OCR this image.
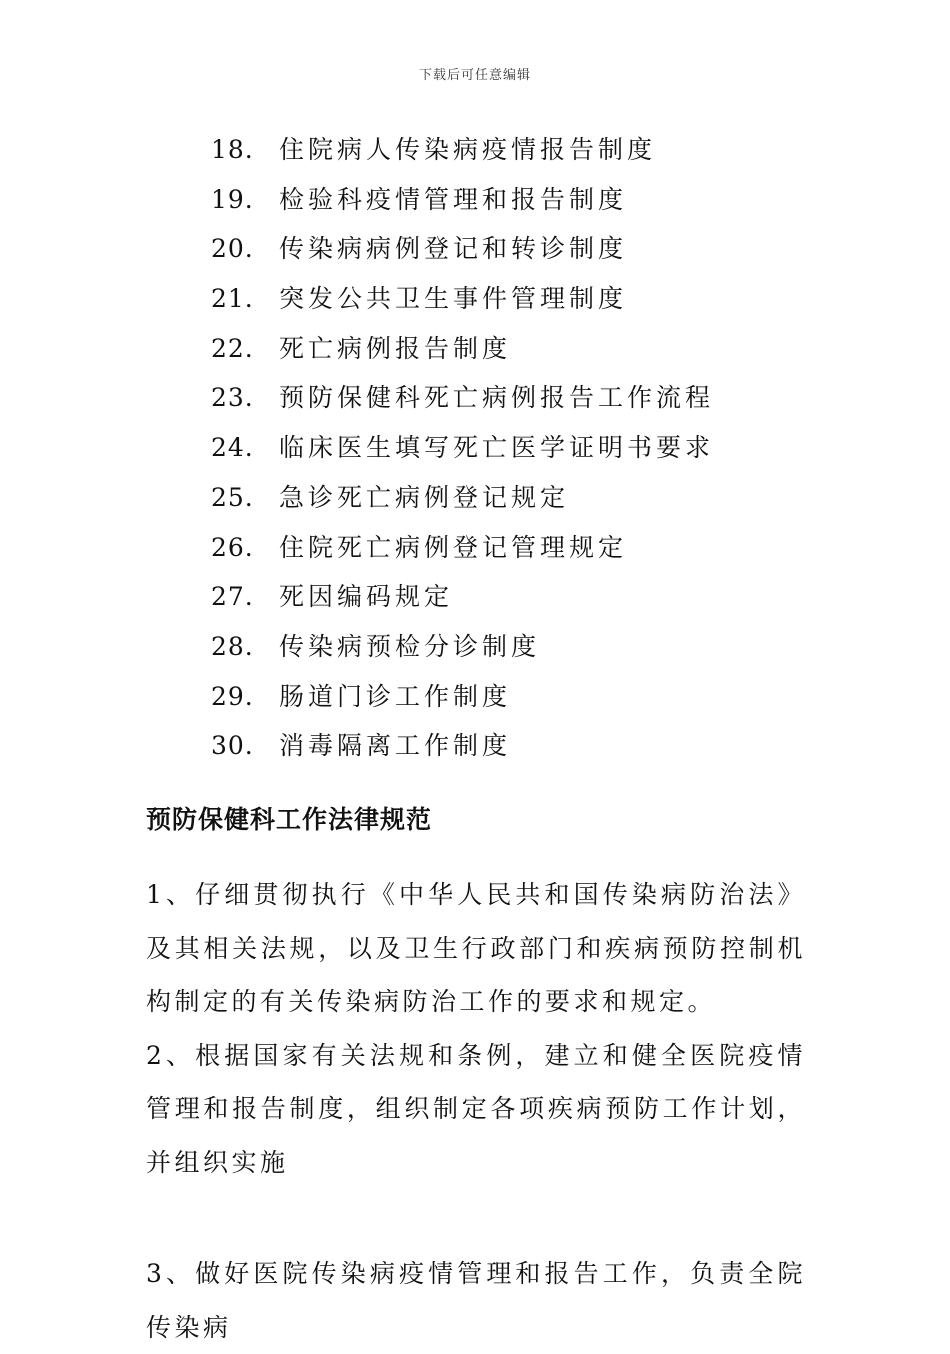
下载后可任意编辑
18.	住院病人传染病疫情报告制度
19.	检验科疫情管理和报告制度
20.	传染病病例登记和转诊制度
21.	突发公共卫生事件管理制度
22.	死亡病例报告制度
23.	预防保健科死亡病例报告工作流程
24.	临床医生填写死亡医学证明书要求
25.	急诊死亡病例登记规定
26.	住院死亡病例登记管理规定
27.	死因编码规定
28.	传染病预检分诊制度
29.	肠道门诊工作制度
30.	消毒隔离工作制度
预防保健科工作法律规范

1、仔细贯彻执行《中华人民共和国传染病防治法》及其相关法规，以及卫生行政部门和疾病预防控制机构制定的有关传染病防治工作的要求和规定。

2、根据国家有关法规和条例，建立和健全医院疫情管理和报告制度，组织制定各项疾病预防工作计划，并组织实施

3、做好医院传染病疫情管理和报告工作，负责全院传染病
